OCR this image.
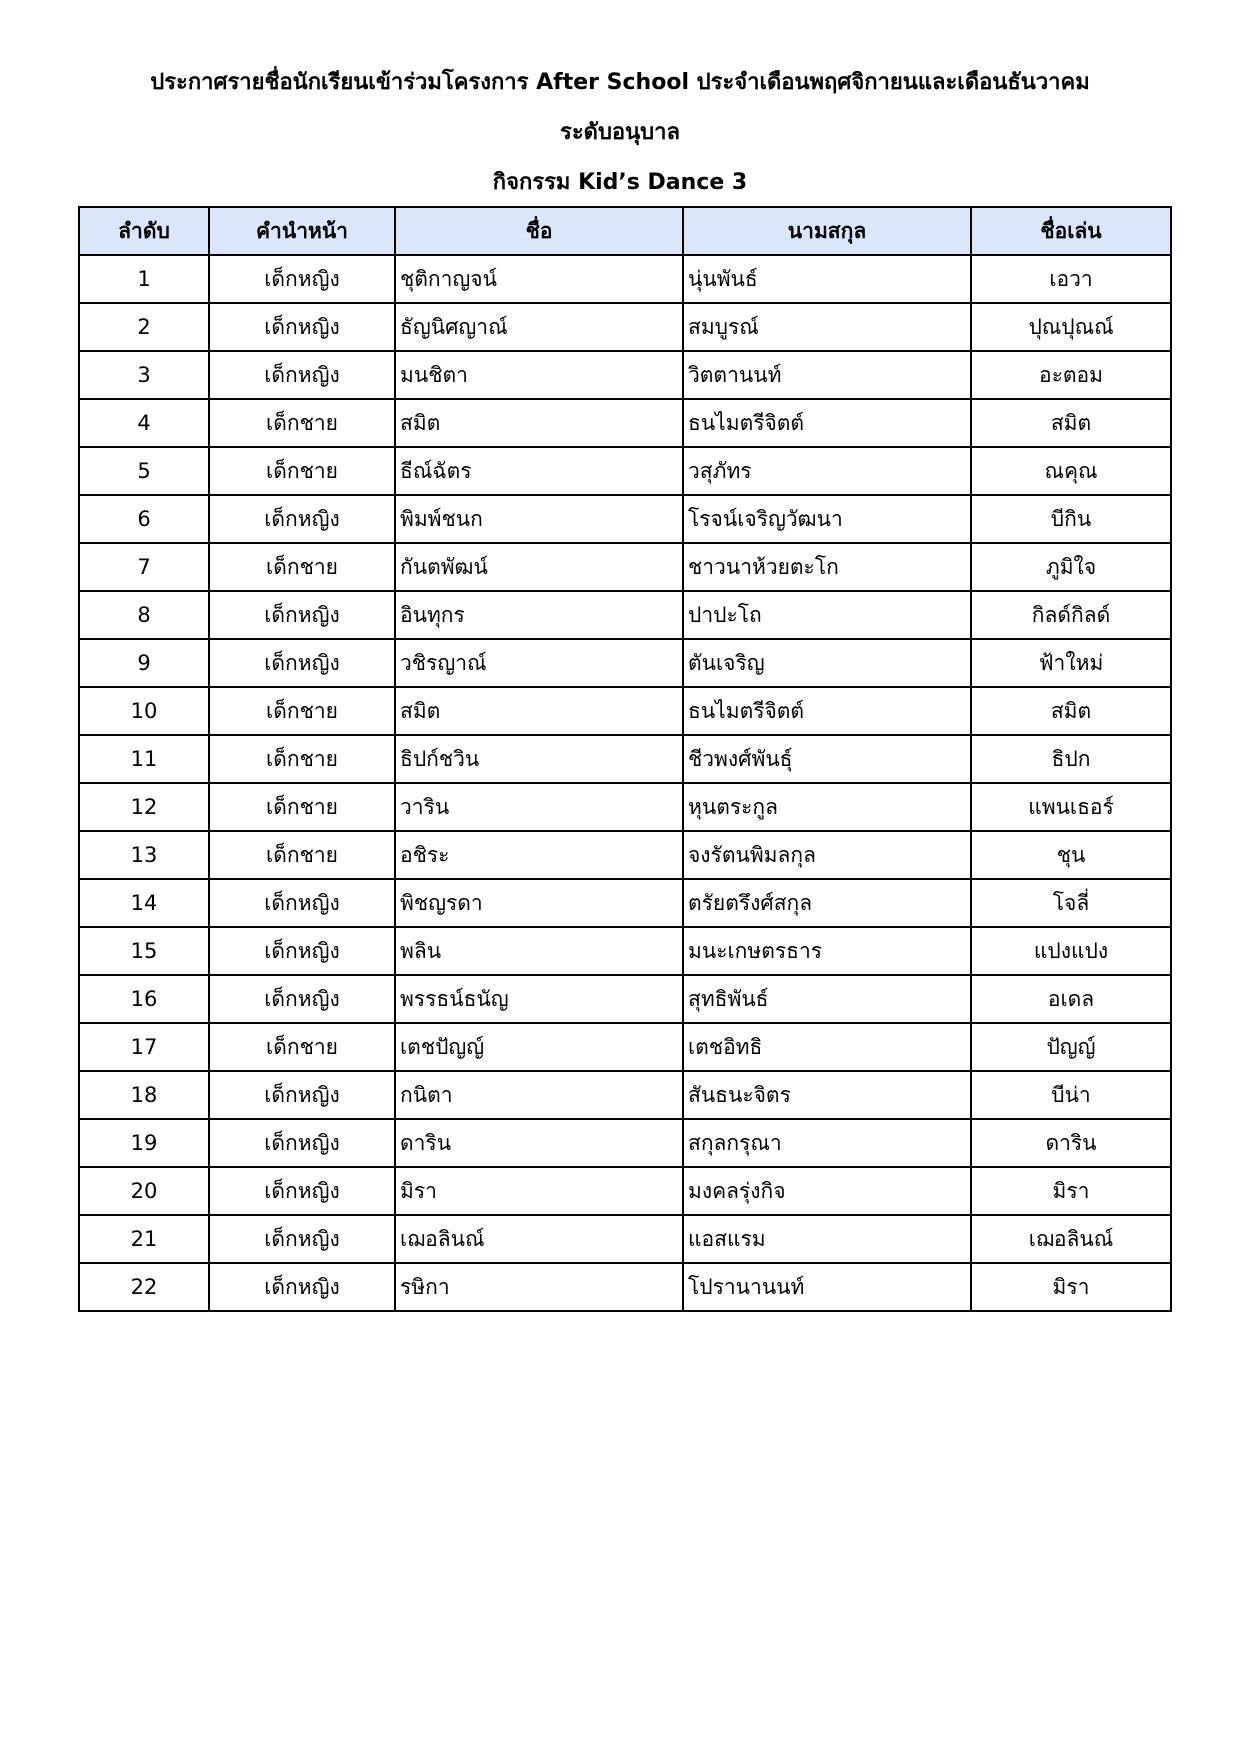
ประกาศรายชื่อนักเรียนเข้าร่วมโครงการ After School ประจำเดือนพฤศจิกายนและเดือนธันวาคม
ระดับอนุบาล
กิจกรรม Kid’s Dance 3
ลำดับ	คำนำหน้า	ชื่อ	นามสกุล	ชื่อเล่น
1	เด็กหญิง	ชุติกาญจน์	นุ่นพันธ์	เอวา
2	เด็กหญิง	ธัญนิศญาณ์	สมบูรณ์	ปุณปุณณ์
3	เด็กหญิง	มนชิตา	วิตตานนท์	อะตอม
4	เด็กชาย	สมิต	ธนไมตรีจิตต์	สมิต
5	เด็กชาย	ธีณ์ฉัตร	วสุภัทร	ณคุณ
6	เด็กหญิง	พิมพ์ชนก	โรจน์เจริญวัฒนา	บีกิน
7	เด็กชาย	กันตพัฒน์	ชาวนาห้วยตะโก	ภูมิใจ
8	เด็กหญิง	อินทุกร	ปาปะโถ	กิลด์กิลด์
9	เด็กหญิง	วชิรญาณ์	ตันเจริญ	ฟ้าใหม่
10	เด็กชาย	สมิต	ธนไมตรีจิตต์	สมิต
11	เด็กชาย	ธิปก์ชวิน	ชีวพงศ์พันธุ์	ธิปก
12	เด็กชาย	วาริน	หุนตระกูล	แพนเธอร์
13	เด็กชาย	อชิระ	จงรัตนพิมลกุล	ชุน
14	เด็กหญิง	พิชญรดา	ตรัยตรึงศ์สกุล	โจลี่
15	เด็กหญิง	พลิน	มนะเกษตรธาร	แปงแปง
16	เด็กหญิง	พรรธน์ธนัญ	สุทธิพันธ์	อเดล
17	เด็กชาย	เตชปัญญ์	เตชอิทธิ	ปัญญ์
18	เด็กหญิง	กนิตา	สันธนะจิตร	บีน่า
19	เด็กหญิง	ดาริน	สกุลกรุณา	ดาริน
20	เด็กหญิง	มิรา	มงคลรุ่งกิจ	มิรา
21	เด็กหญิง	เฌอลินณ์	แอสแรม	เฌอลินณ์
22	เด็กหญิง	รษิกา	โปรานานนท์	มิรา
